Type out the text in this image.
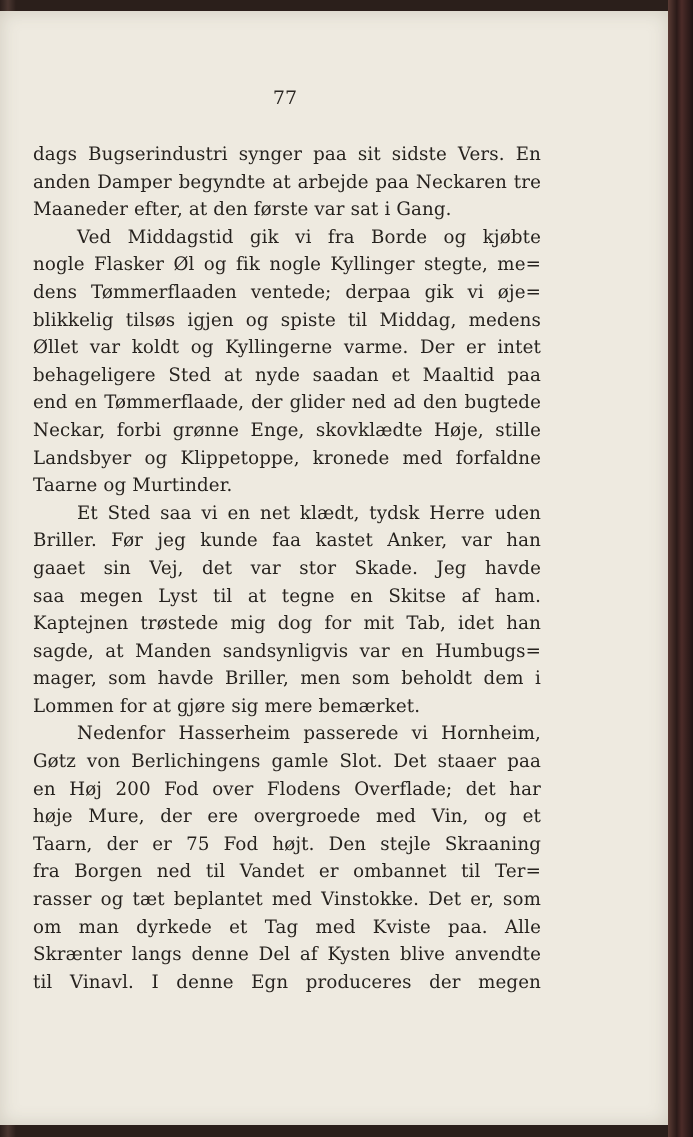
77
dags Bugserindustri synger paa sit sidste Vers. En
anden Damper begyndte at arbejde paa Neckaren tre
Maaneder efter, at den første var sat i Gang.
Ved Middagstid gik vi fra Borde og kjøbte
nogle Flasker Øl og fik nogle Kyllinger stegte, me=
dens Tømmerflaaden ventede; derpaa gik vi øje=
blikkelig tilsøs igjen og spiste til Middag, medens
Øllet var koldt og Kyllingerne varme. Der er intet
behageligere Sted at nyde saadan et Maaltid paa
end en Tømmerflaade, der glider ned ad den bugtede
Neckar, forbi grønne Enge, skovklædte Høje, stille
Landsbyer og Klippetoppe, kronede med forfaldne
Taarne og Murtinder.
Et Sted saa vi en net klædt, tydsk Herre uden
Briller. Før jeg kunde faa kastet Anker, var han
gaaet sin Vej, det var stor Skade. Jeg havde
saa megen Lyst til at tegne en Skitse af ham.
Kaptejnen trøstede mig dog for mit Tab, idet han
sagde, at Manden sandsynligvis var en Humbugs=
mager, som havde Briller, men som beholdt dem i
Lommen for at gjøre sig mere bemærket.
Nedenfor Hasserheim passerede vi Hornheim,
Gøtz von Berlichingens gamle Slot. Det staaer paa
en Høj 200 Fod over Flodens Overflade; det har
høje Mure, der ere overgroede med Vin, og et
Taarn, der er 75 Fod højt. Den stejle Skraaning
fra Borgen ned til Vandet er ombannet til Ter=
rasser og tæt beplantet med Vinstokke. Det er, som
om man dyrkede et Tag med Kviste paa. Alle
Skrænter langs denne Del af Kysten blive anvendte
til Vinavl. I denne Egn produceres der megen
